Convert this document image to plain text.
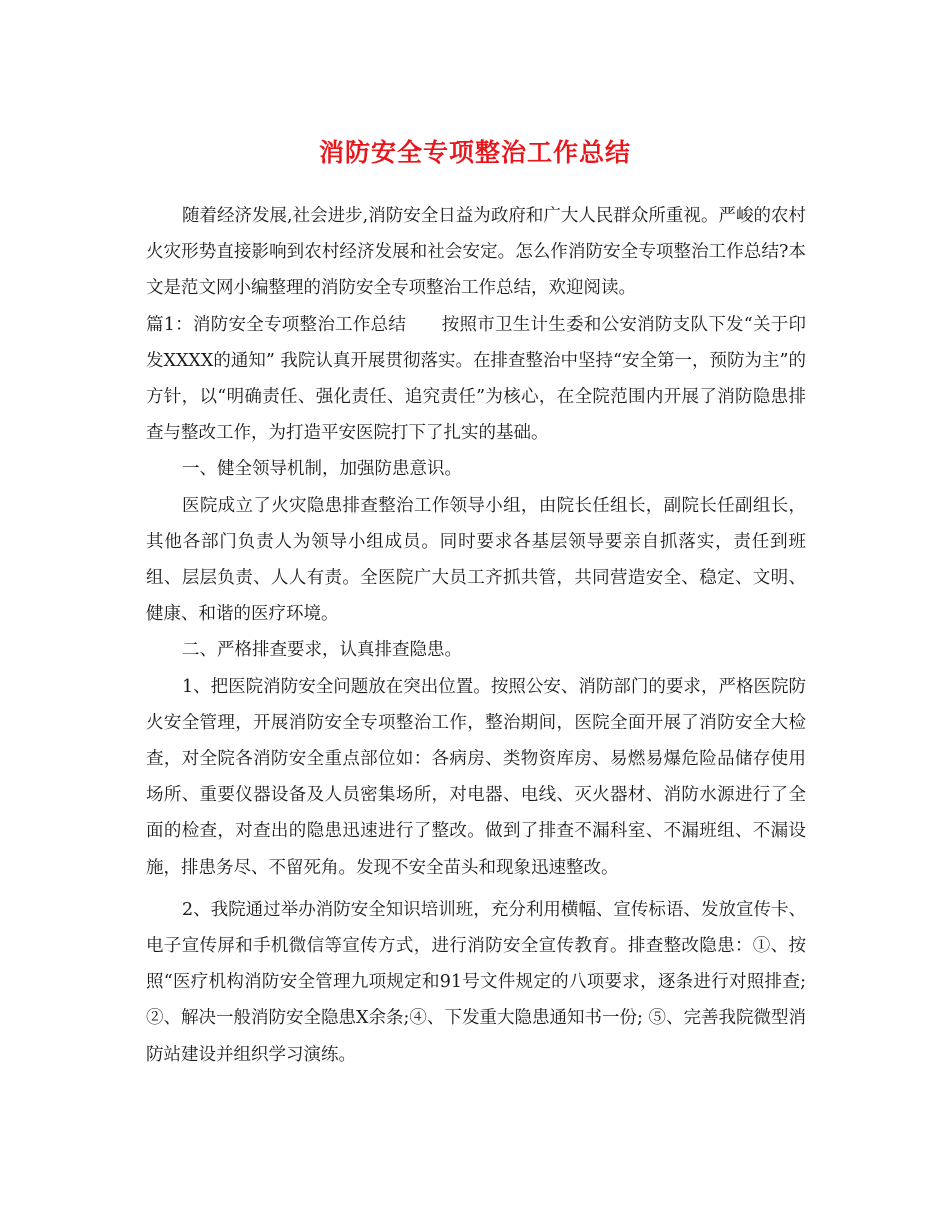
消防安全专项整治工作总结

随着经济发展,社会进步,消防安全日益为政府和广大人民群众所重视。严峻的农村火灾形势直接影响到农村经济发展和社会安定。怎么作消防安全专项整治工作总结?本文是范文网小编整理的消防安全专项整治工作总结，欢迎阅读。

篇1：消防安全专项整治工作总结　　按照市卫生计生委和公安消防支队下发“关于印发XXXX的通知” 我院认真开展贯彻落实。在排查整治中坚持“安全第一，预防为主”的方针，以“明确责任、强化责任、追究责任”为核心，在全院范围内开展了消防隐患排查与整改工作，为打造平安医院打下了扎实的基础。

一、健全领导机制，加强防患意识。

医院成立了火灾隐患排查整治工作领导小组，由院长任组长，副院长任副组长，其他各部门负责人为领导小组成员。同时要求各基层领导要亲自抓落实，责任到班组、层层负责、人人有责。全医院广大员工齐抓共管，共同营造安全、稳定、文明、健康、和谐的医疗环境。

二、严格排查要求，认真排查隐患。

1、把医院消防安全问题放在突出位置。按照公安、消防部门的要求，严格医院防火安全管理，开展消防安全专项整治工作，整治期间，医院全面开展了消防安全大检查，对全院各消防安全重点部位如：各病房、类物资库房、易燃易爆危险品储存使用场所、重要仪器设备及人员密集场所，对电器、电线、灭火器材、消防水源进行了全面的检查，对查出的隐患迅速进行了整改。做到了排查不漏科室、不漏班组、不漏设施，排患务尽、不留死角。发现不安全苗头和现象迅速整改。

2、我院通过举办消防安全知识培训班，充分利用横幅、宣传标语、发放宣传卡、电子宣传屏和手机微信等宣传方式，进行消防安全宣传教育。排查整改隐患：①、按照“医疗机构消防安全管理九项规定和91号文件规定的八项要求，逐条进行对照排查; ②、解决一般消防安全隐患X余条;④、下发重大隐患通知书一份; ⑤、完善我院微型消防站建设并组织学习演练。
